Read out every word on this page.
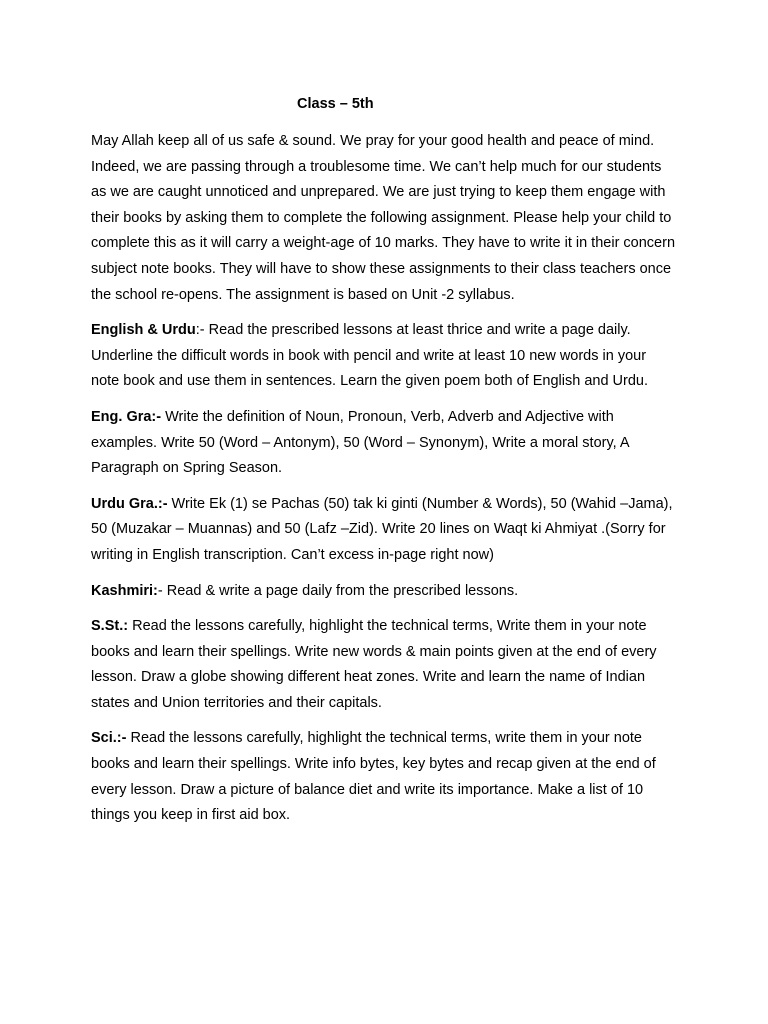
Class – 5th

May Allah keep all of us safe & sound. We pray for your good health and peace of mind. Indeed, we are passing through a troublesome time. We can’t help much for our students as we are caught unnoticed and unprepared. We are just trying to keep them engage with their books by asking them to complete the following assignment. Please help your child to complete this as it will carry a weight-age of 10 marks. They have to write it in their concern subject note books. They will have to show these assignments to their class teachers once the school re-opens. The assignment is based on Unit -2 syllabus.

English & Urdu:- Read the prescribed lessons at least thrice and write a page daily. Underline the difficult words in book with pencil and write at least 10 new words in your note book and use them in sentences. Learn the given poem both of English and Urdu.

Eng. Gra:- Write the definition of Noun, Pronoun, Verb, Adverb and Adjective with examples. Write 50 (Word – Antonym), 50 (Word – Synonym), Write a moral story, A Paragraph on Spring Season.

Urdu Gra.:- Write Ek (1) se Pachas (50) tak ki ginti (Number & Words), 50 (Wahid –Jama), 50 (Muzakar – Muannas) and 50 (Lafz –Zid). Write 20 lines on Waqt ki Ahmiyat .(Sorry for writing in English transcription. Can’t excess in-page right now)

Kashmiri:- Read & write a page daily from the prescribed lessons.

S.St.: Read the lessons carefully, highlight the technical terms, Write them in your note books and learn their spellings. Write new words & main points given at the end of every lesson. Draw a globe showing different heat zones. Write and learn the name of Indian states and Union territories and their capitals.

Sci.:- Read the lessons carefully, highlight the technical terms, write them in your note books and learn their spellings. Write info bytes, key bytes and recap given at the end of every lesson. Draw a picture of balance diet and write its importance. Make a list of 10 things you keep in first aid box.
